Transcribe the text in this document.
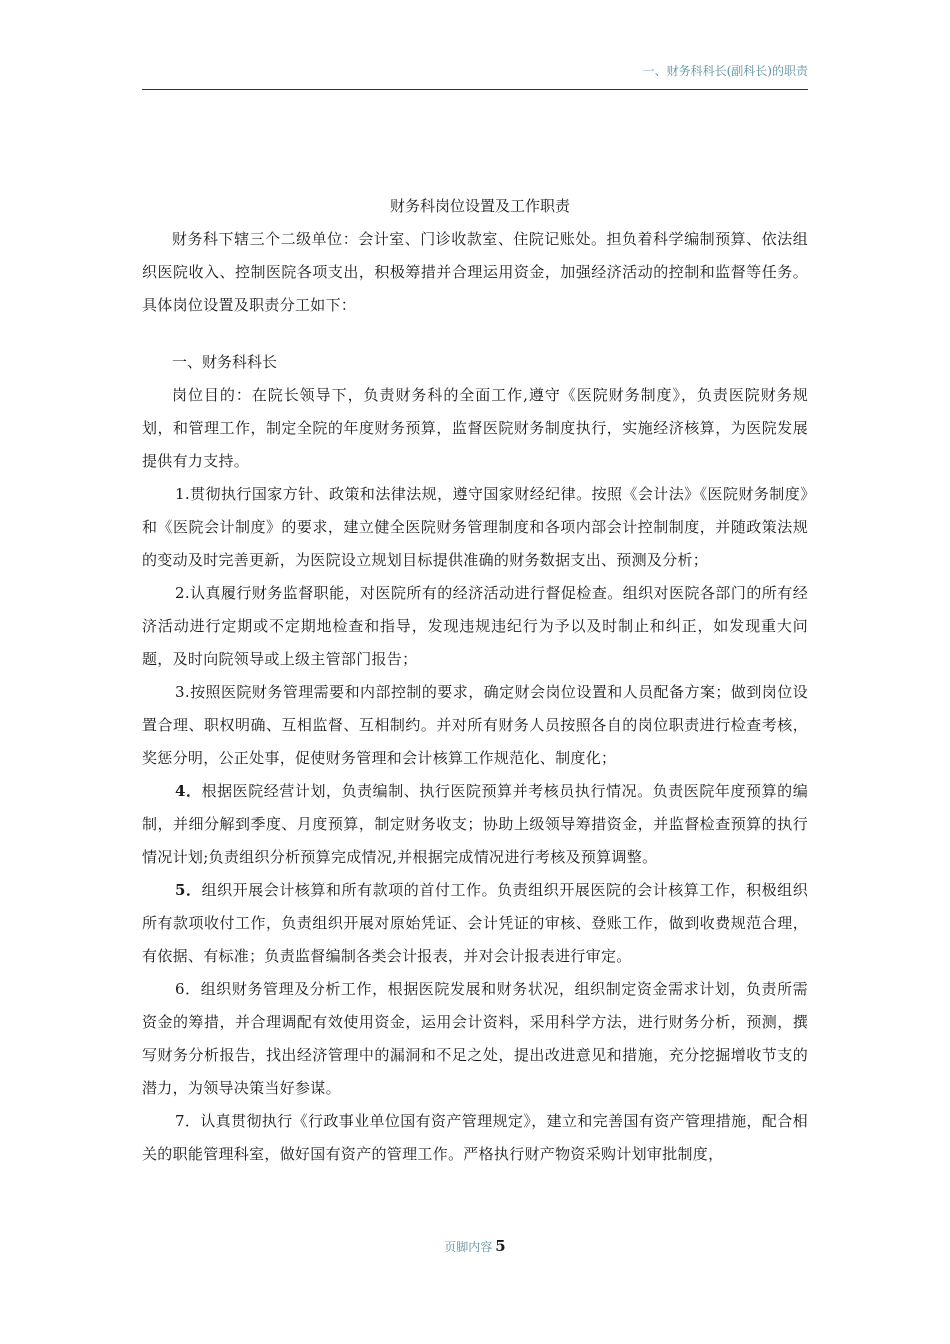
一、财务科科长(副科长)的职责

财务科岗位设置及工作职责

财务科下辖三个二级单位：会计室、门诊收款室、住院记账处。担负着科学编制预算、依法组织医院收入、控制医院各项支出，积极筹措并合理运用资金，加强经济活动的控制和监督等任务。具体岗位设置及职责分工如下：

一、财务科科长

岗位目的：在院长领导下，负责财务科的全面工作,遵守《医院财务制度》，负责医院财务规划，和管理工作，制定全院的年度财务预算，监督医院财务制度执行，实施经济核算，为医院发展提供有力支持。

1.贯彻执行国家方针、政策和法律法规，遵守国家财经纪律。按照《会计法》《医院财务制度》和《医院会计制度》的要求，建立健全医院财务管理制度和各项内部会计控制制度，并随政策法规的变动及时完善更新，为医院设立规划目标提供准确的财务数据支出、预测及分析；

2.认真履行财务监督职能，对医院所有的经济活动进行督促检查。组织对医院各部门的所有经济活动进行定期或不定期地检查和指导，发现违规违纪行为予以及时制止和纠正，如发现重大问题，及时向院领导或上级主管部门报告；

3.按照医院财务管理需要和内部控制的要求，确定财会岗位设置和人员配备方案；做到岗位设置合理、职权明确、互相监督、互相制约。并对所有财务人员按照各自的岗位职责进行检查考核，奖惩分明，公正处事，促使财务管理和会计核算工作规范化、制度化；

4．根据医院经营计划，负责编制、执行医院预算并考核员执行情况。负责医院年度预算的编制，并细分解到季度、月度预算，制定财务收支；协助上级领导筹措资金，并监督检查预算的执行情况计划;负责组织分析预算完成情况,并根据完成情况进行考核及预算调整。

5．组织开展会计核算和所有款项的首付工作。负责组织开展医院的会计核算工作，积极组织所有款项收付工作，负责组织开展对原始凭证、会计凭证的审核、登账工作，做到收费规范合理，有依据、有标准；负责监督编制各类会计报表，并对会计报表进行审定。

6．组织财务管理及分析工作，根据医院发展和财务状况，组织制定资金需求计划，负责所需资金的筹措，并合理调配有效使用资金，运用会计资料，采用科学方法，进行财务分析，预测，撰写财务分析报告，找出经济管理中的漏洞和不足之处，提出改进意见和措施，充分挖掘增收节支的潜力，为领导决策当好参谋。

7．认真贯彻执行《行政事业单位国有资产管理规定》，建立和完善国有资产管理措施，配合相关的职能管理科室，做好国有资产的管理工作。严格执行财产物资采购计划审批制度，

页脚内容 5
